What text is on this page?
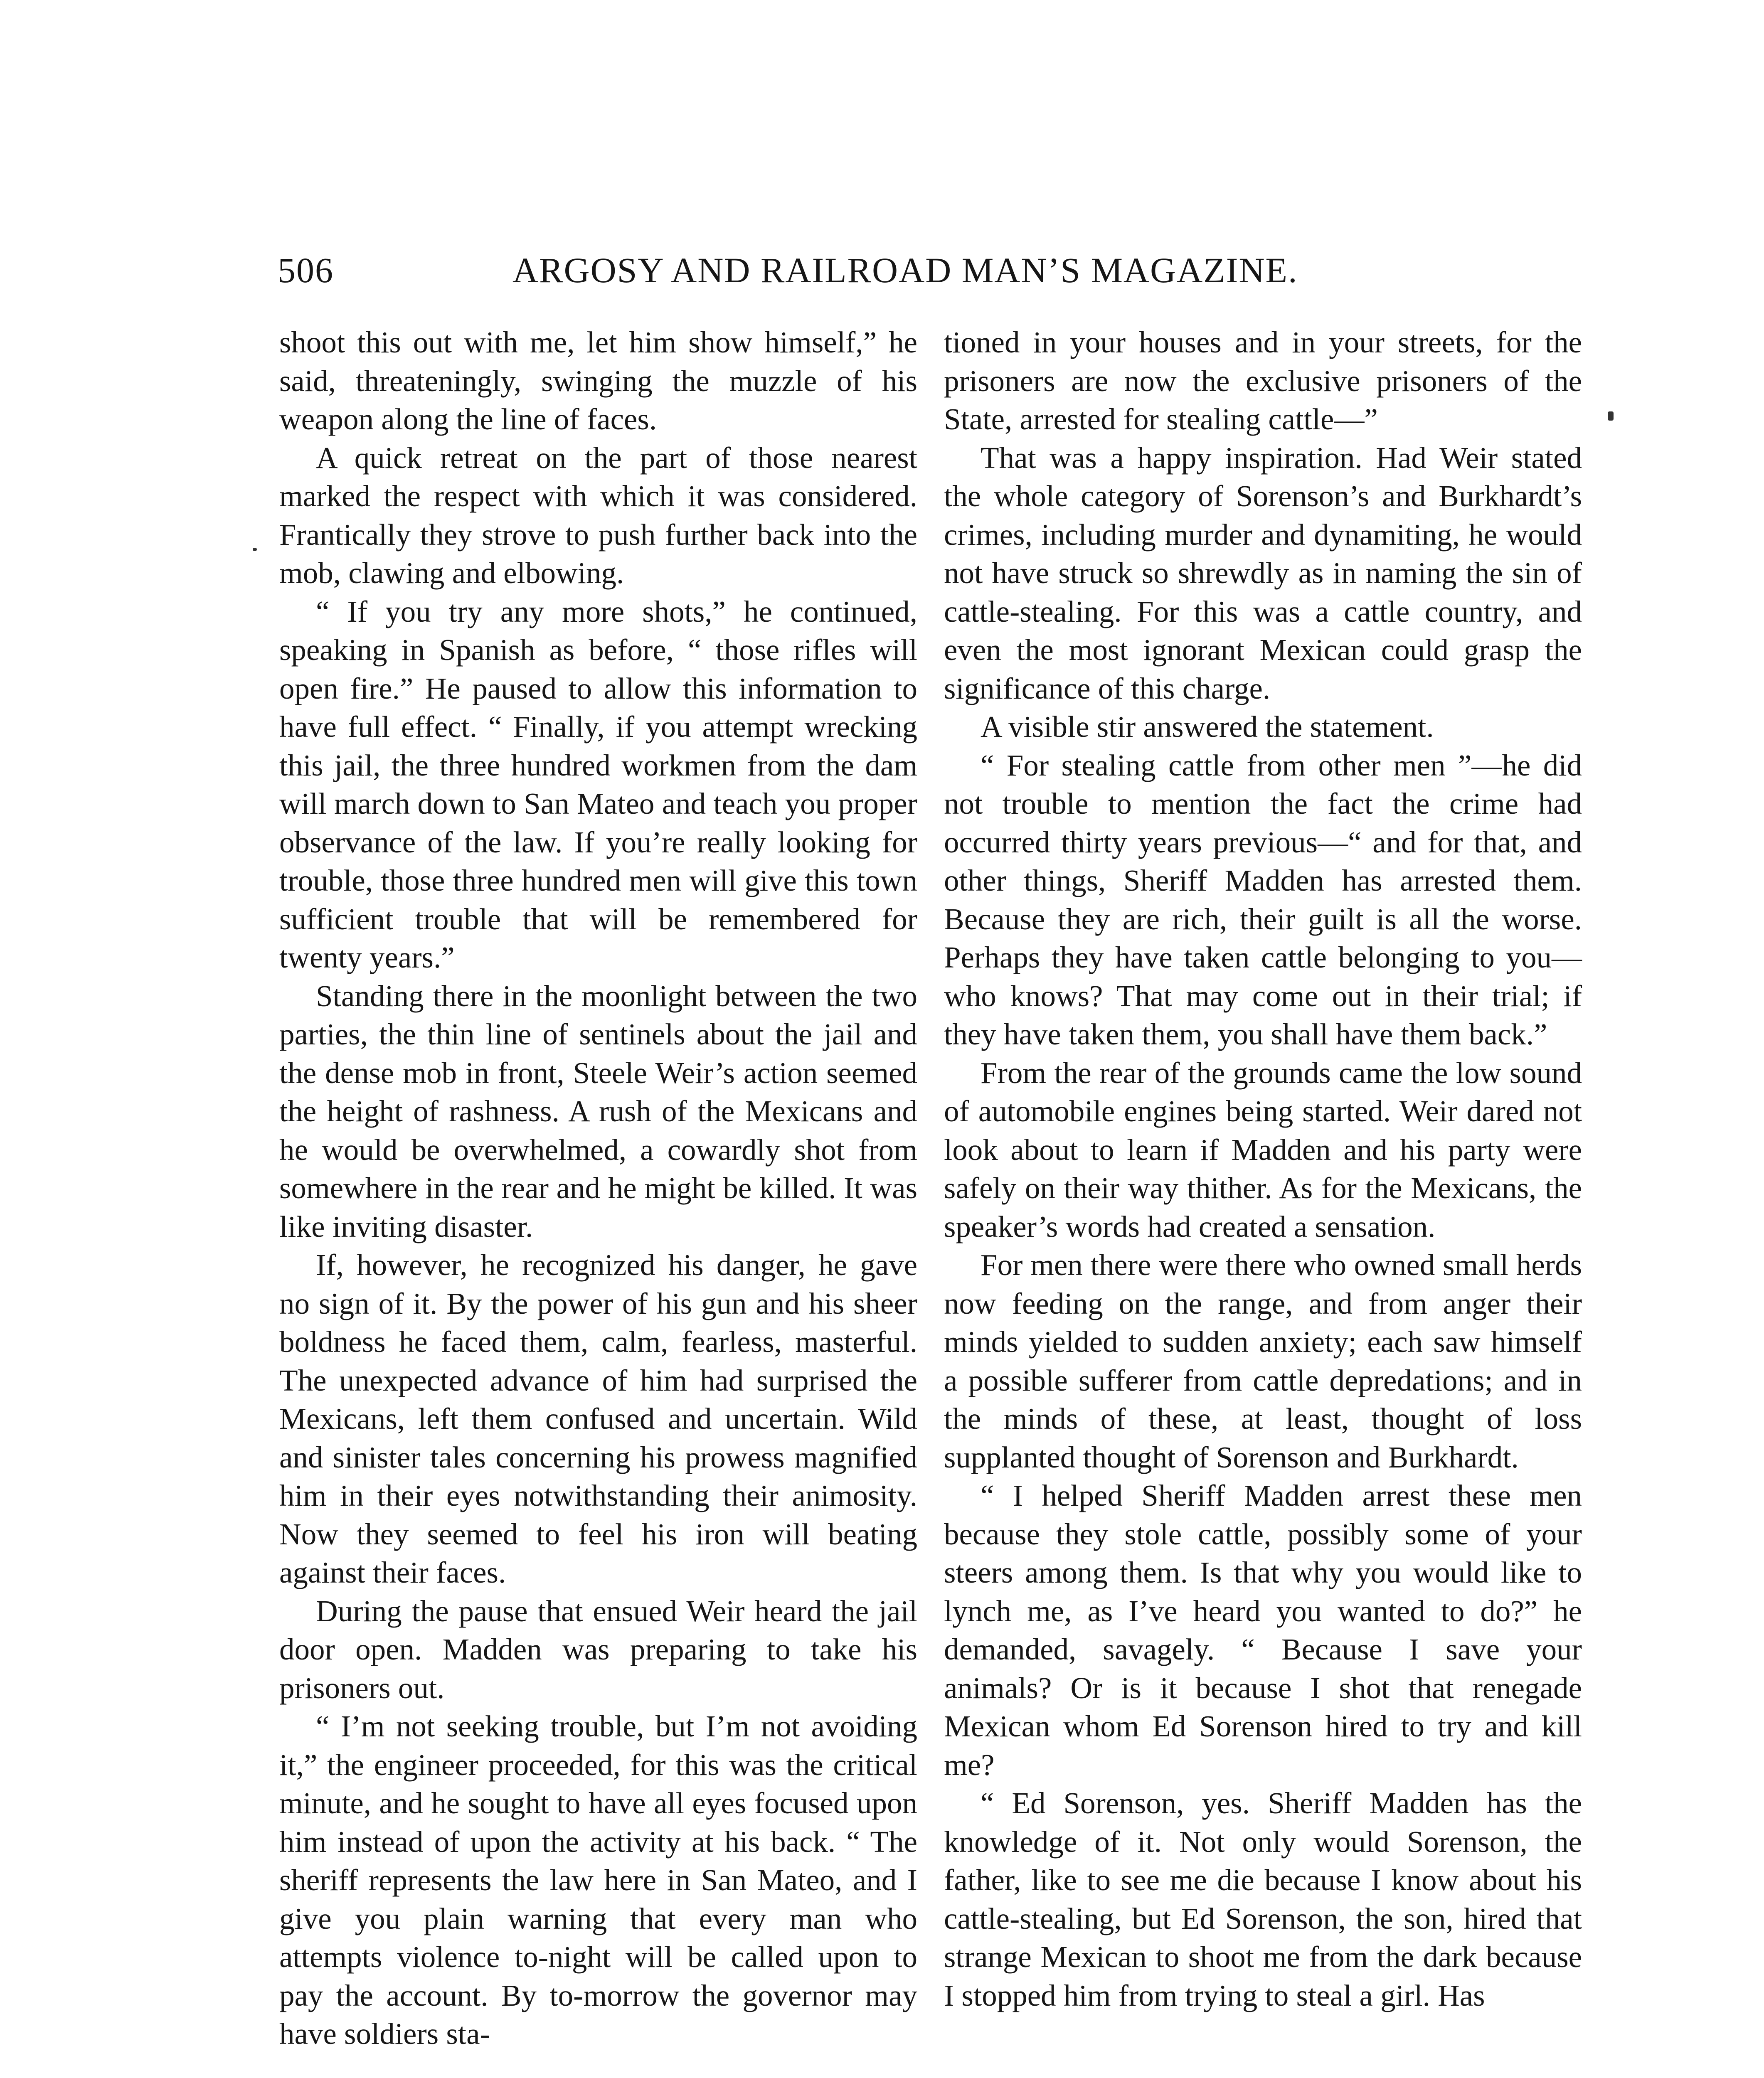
506	ARGOSY AND RAILROAD MAN’S MAGAZINE.

shoot this out with me, let him show himself,” he said, threateningly, swinging the muzzle of his weapon along the line of faces.

A quick retreat on the part of those nearest marked the respect with which it was considered. Frantically they strove to push further back into the mob, clawing and elbowing.

“ If you try any more shots,” he continued, speaking in Spanish as before, “ those rifles will open fire.” He paused to allow this information to have full effect. “ Finally, if you attempt wrecking this jail, the three hundred workmen from the dam will march down to San Mateo and teach you proper observance of the law. If you’re really looking for trouble, those three hundred men will give this town sufficient trouble that will be remembered for twenty years.”

Standing there in the moonlight between the two parties, the thin line of sentinels about the jail and the dense mob in front, Steele Weir’s action seemed the height of rashness. A rush of the Mexicans and he would be overwhelmed, a cowardly shot from somewhere in the rear and he might be killed. It was like inviting disaster.

If, however, he recognized his danger, he gave no sign of it. By the power of his gun and his sheer boldness he faced them, calm, fearless, masterful. The unexpected advance of him had surprised the Mexicans, left them confused and uncertain. Wild and sinister tales concerning his prowess magnified him in their eyes notwithstanding their animosity. Now they seemed to feel his iron will beating against their faces.

During the pause that ensued Weir heard the jail door open. Madden was preparing to take his prisoners out.

“ I’m not seeking trouble, but I’m not avoiding it,” the engineer proceeded, for this was the critical minute, and he sought to have all eyes focused upon him instead of upon the activity at his back. “ The sheriff represents the law here in San Mateo, and I give you plain warning that every man who attempts violence to-night will be called upon to pay the account. By to-morrow the governor may have soldiers sta-

tioned in your houses and in your streets, for the prisoners are now the exclusive prisoners of the State, arrested for stealing cattle—”

That was a happy inspiration. Had Weir stated the whole category of Sorenson’s and Burkhardt’s crimes, including murder and dynamiting, he would not have struck so shrewdly as in naming the sin of cattle-stealing. For this was a cattle country, and even the most ignorant Mexican could grasp the significance of this charge.

A visible stir answered the statement.

“ For stealing cattle from other men ”—he did not trouble to mention the fact the crime had occurred thirty years previous—“ and for that, and other things, Sheriff Madden has arrested them. Because they are rich, their guilt is all the worse. Perhaps they have taken cattle belonging to you—who knows? That may come out in their trial; if they have taken them, you shall have them back.”

From the rear of the grounds came the low sound of automobile engines being started. Weir dared not look about to learn if Madden and his party were safely on their way thither. As for the Mexicans, the speaker’s words had created a sensation.

For men there were there who owned small herds now feeding on the range, and from anger their minds yielded to sudden anxiety; each saw himself a possible sufferer from cattle depredations; and in the minds of these, at least, thought of loss supplanted thought of Sorenson and Burkhardt.

“ I helped Sheriff Madden arrest these men because they stole cattle, possibly some of your steers among them. Is that why you would like to lynch me, as I’ve heard you wanted to do?” he demanded, savagely. “ Because I save your animals? Or is it because I shot that renegade Mexican whom Ed Sorenson hired to try and kill me?

“ Ed Sorenson, yes. Sheriff Madden has the knowledge of it. Not only would Sorenson, the father, like to see me die because I know about his cattle-stealing, but Ed Sorenson, the son, hired that strange Mexican to shoot me from the dark because I stopped him from trying to steal a girl. Has
